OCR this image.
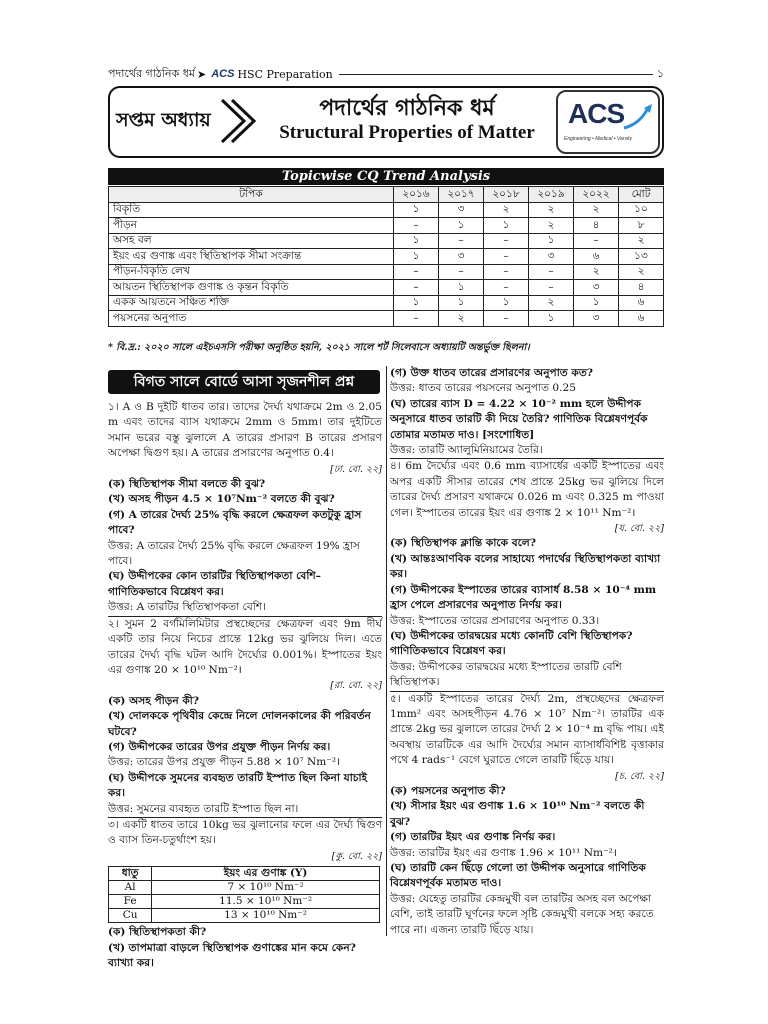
পদার্থের গাঠনিক ধর্ম ➤ ACS HSC Preparation	১
সপ্তম অধ্যায়	পদার্থের গাঠনিক ধর্ম
Structural Properties of Matter
ACS
Engineering • Medical • Varsity
Topicwise CQ Trend Analysis
টপিক	২০১৬	২০১৭	২০১৮	২০১৯	২০২২	মোট
বিকৃতি	১	৩	২	২	২	১০
পীড়ন	–	১	১	২	৪	৮
অসহ বল	১	–	–	১	–	২
ইয়ং এর গুণাঙ্ক এবং স্থিতিস্থাপক সীমা সংক্রান্ত	১	৩	–	৩	৬	১৩
পীড়ন-বিকৃতি লেখ	–	–	–	–	২	২
আয়তন স্থিতিস্থাপক গুণাঙ্ক ও কৃন্তন বিকৃতি	–	১	–	–	৩	৪
একক আয়তনে সঞ্চিত শক্তি	১	১	১	২	১	৬
পয়সনের অনুপাত	–	২	–	১	৩	৬
* বি.দ্র.: ২০২০ সালে এইচএসসি পরীক্ষা অনুষ্ঠিত হয়নি, ২০২১ সালে শর্ট সিলেবাসে অধ্যায়টি অন্তর্ভুক্ত ছিলনা।
বিগত সালে বোর্ডে আসা সৃজনশীল প্রশ্ন

১। A ও B দুইটি ধাতব তার। তাদের দৈর্ঘ্য যথাক্রমে 2m ও 2.05 m এবং তাদের ব্যাস যথাক্রমে 2mm ও 5mm। তার দুইটিতে সমান ভরের বস্তু ঝুলালে A তারের প্রসারণ B তারের প্রসারণ অপেক্ষা দ্বিগুণ হয়। A তারের প্রসারণের অনুপাত 0.4।

[ঢা. বো. ২২]

(ক) স্থিতিস্থাপক সীমা বলতে কী বুঝ?

(খ) অসহ পীড়ন 4.5 × 10⁷Nm⁻² বলতে কী বুঝ?

(গ) A তারের দৈর্ঘ্য 25% বৃদ্ধি করলে ক্ষেত্রফল কতটুকু হ্রাস পাবে?

উত্তর: A তারের দৈর্ঘ্য 25% বৃদ্ধি করলে ক্ষেত্রফল 19% হ্রাস পাবে।

(ঘ) উদ্দীপকের কোন তারটির স্থিতিস্থাপকতা বেশি– গাণিতিকভাবে বিশ্লেষণ কর।

উত্তর: A তারটির স্থিতিস্থাপকতা বেশি।

২। সুমন 2 বর্গমিলিমিটার প্রস্থচ্ছেদের ক্ষেত্রফল এবং 9m দীর্ঘ একটি তার নিয়ে নিচের প্রান্তে 12kg ভর ঝুলিয়ে দিল। এতে তারের দৈর্ঘ্য বৃদ্ধি ঘটল আদি দৈর্ঘ্যের 0.001%। ইস্পাতের ইয়ং এর গুণাঙ্ক 20 × 10¹⁰ Nm⁻²।

[রা. বো. ২২]

(ক) অসহ পীড়ন কী?

(খ) দোলককে পৃথিবীর কেন্দ্রে নিলে দোলনকালের কী পরিবর্তন ঘটবে?

(গ) উদ্দীপকের তারের উপর প্রযুক্ত পীড়ন নির্ণয় কর।

উত্তর: তারের উপর প্রযুক্ত পীড়ন 5.88 × 10⁷ Nm⁻²।

(ঘ) উদ্দীপকে সুমনের ব্যবহৃত তারটি ইস্পাত ছিল কিনা যাচাই কর।

উত্তর: সুমনের ব্যবহৃত তারটি ইস্পাত ছিল না।

৩। একটি ধাতব তারে 10kg ভর ঝুলানোর ফলে এর দৈর্ঘ্য দ্বিগুণ ও ব্যাস তিন-চতুর্থাংশ হয়।

[কু. বো. ২২]

ধাতু	ইয়ং এর গুণাঙ্ক (Y)
Al	7 × 10¹⁰ Nm⁻²
Fe	11.5 × 10¹⁰ Nm⁻²
Cu	13 × 10¹⁰ Nm⁻²

(ক) স্থিতিস্থাপকতা কী?

(খ) তাপমাত্রা বাড়লে স্থিতিস্থাপক গুণাঙ্কের মান কমে কেন? ব্যাখ্যা কর।

(গ) উক্ত ধাতব তারের প্রসারণের অনুপাত কত?

উত্তর: ধাতব তারের পয়সনের অনুপাত 0.25

(ঘ) তারের ব্যাস D = 4.22 × 10⁻² mm হলে উদ্দীপক অনুসারে ধাতব তারটি কী দিয়ে তৈরি? গাণিতিক বিশ্লেষণপূর্বক তোমার মতামত দাও। [সংশোধিত]

উত্তর: তারটি অ্যালুমিনিয়ামের তৈরি।

৪। 6m দৈর্ঘ্যের এবং 0.6 mm ব্যাসার্ধের একটি ইস্পাতের এবং অপর একটি সীসার তারের শেষ প্রান্তে 25kg ভর ঝুলিয়ে দিলে তারের দৈর্ঘ্য প্রসারণ যথাক্রমে 0.026 m এবং 0.325 m পাওয়া গেল। ইস্পাতের তারের ইয়ং এর গুণাঙ্ক 2 × 10¹¹ Nm⁻²।

[য. বো. ২২]

(ক) স্থিতিস্থাপক ক্লান্তি কাকে বলে?

(খ) আন্তঃআণবিক বলের সাহায্যে পদার্থের স্থিতিস্থাপকতা ব্যাখ্যা কর।

(গ) উদ্দীপকের ইস্পাতের তারের ব্যাসার্ধ 8.58 × 10⁻⁴ mm হ্রাস পেলে প্রসারণের অনুপাত নির্ণয় কর।

উত্তর: ইস্পাতের তারের প্রসারণের অনুপাত 0.33।

(ঘ) উদ্দীপকের তারদ্বয়ের মধ্যে কোনটি বেশি স্থিতিস্থাপক? গাণিতিকভাবে বিশ্লেষণ কর।

উত্তর: উদ্দীপকের তারদ্বয়ের মধ্যে ইস্পাতের তারটি বেশি স্থিতিস্থাপক।

৫। একটি ইস্পাতের তারের দৈর্ঘ্য 2m, প্রস্থচ্ছেদের ক্ষেত্রফল 1mm² এবং অসহপীড়ন 4.76 × 10⁷ Nm⁻²। তারটির এক প্রান্তে 2kg ভর ঝুলালে তারের দৈর্ঘ্য 2 × 10⁻⁴ m বৃদ্ধি পায়। এই অবস্থায় তারটিকে এর আদি দৈর্ঘ্যের সমান ব্যাসার্ধবিশিষ্ট বৃত্তাকার পথে 4 rads⁻¹ বেগে ঘুরাতে গেলে তারটি ছিঁড়ে যায়।

[চ. বো. ২২]

(ক) পয়সনের অনুপাত কী?

(খ) সীসার ইয়ং এর গুণাঙ্ক 1.6 × 10¹⁰ Nm⁻² বলতে কী বুঝ?

(গ) তারটির ইয়ং এর গুণাঙ্ক নির্ণয় কর।

উত্তর: তারটির ইয়ং এর গুণাঙ্ক 1.96 × 10¹¹ Nm⁻²।

(ঘ) তারটি কেন ছিঁড়ে গেলো তা উদ্দীপক অনুসারে গাণিতিক বিশ্লেষণপূর্বক মতামত দাও।

উত্তর: যেহেতু তারটির কেন্দ্রমুখী বল তারটির অসহ বল অপেক্ষা বেশি, তাই তারটি ঘূর্ণনের ফলে সৃষ্টি কেন্দ্রমুখী বলকে সহ্য করতে পারে না। এজন্য তারটি ছিঁড়ে যায়।
